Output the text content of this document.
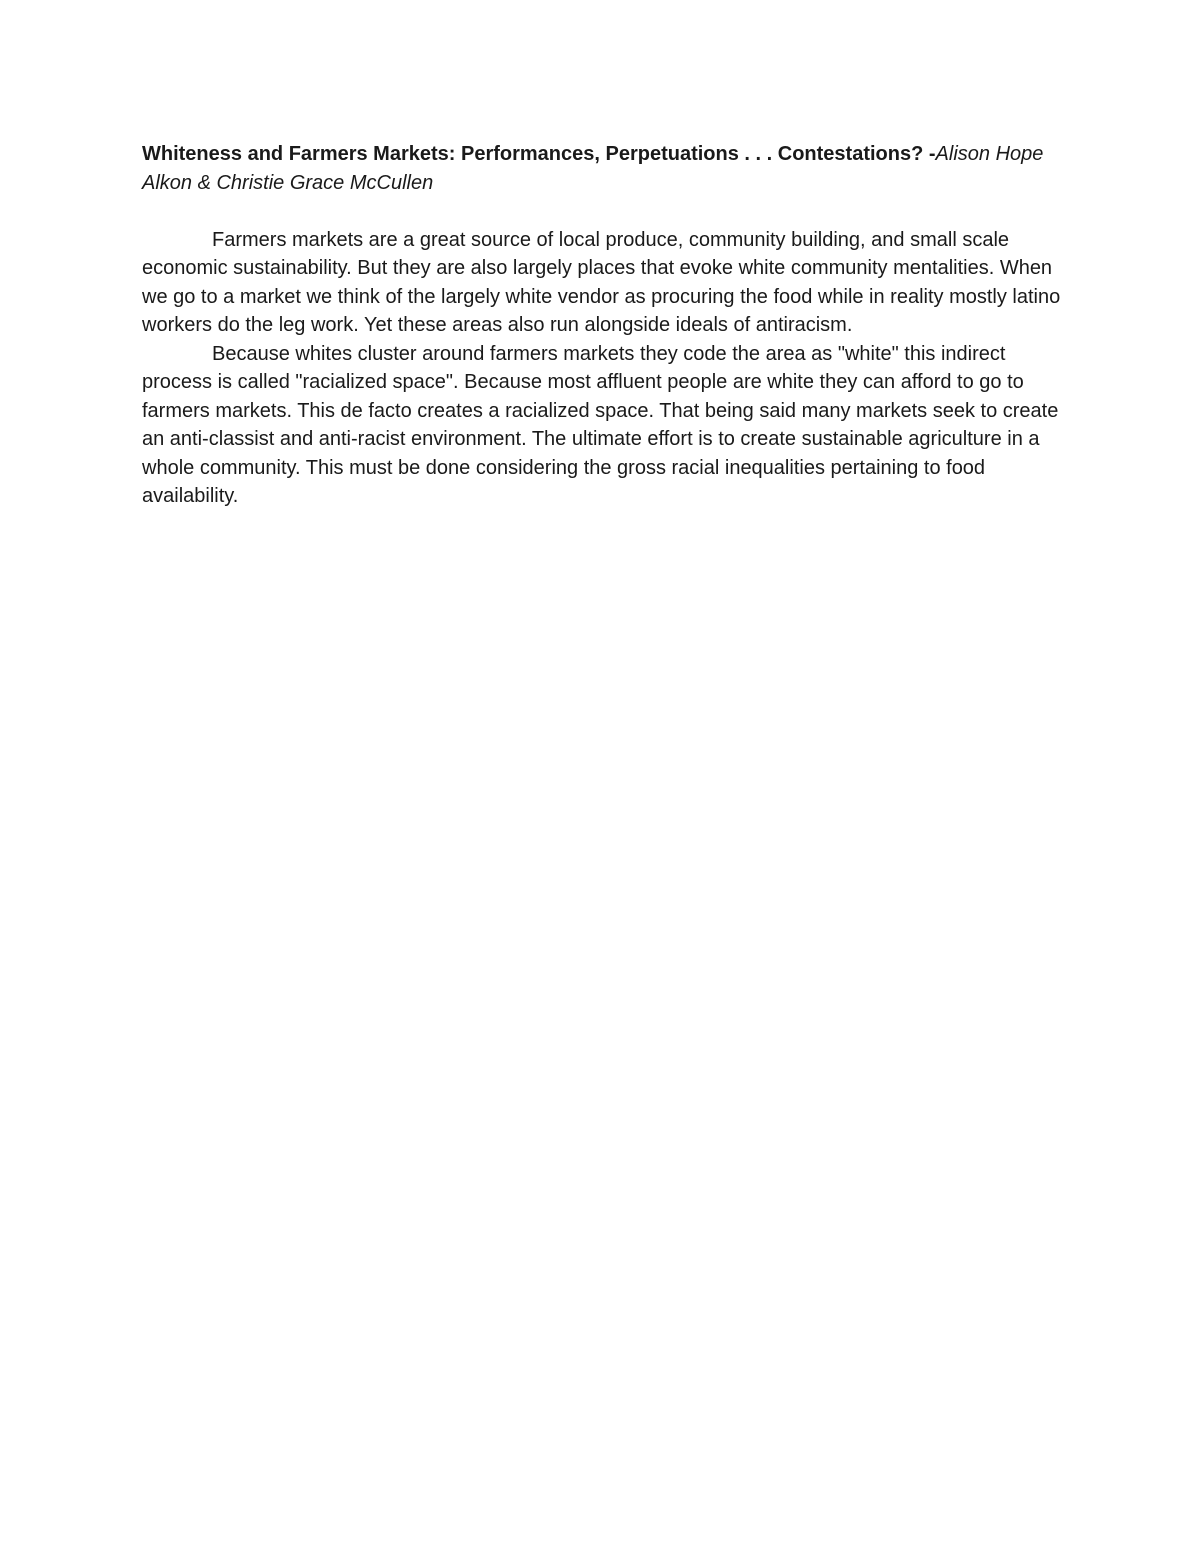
Whiteness and Farmers Markets: Performances, Perpetuations . . . Contestations? -Alison Hope Alkon & Christie Grace McCullen

Farmers markets are a great source of local produce, community building, and small scale economic sustainability. But they are also largely places that evoke white community mentalities. When we go to a market we think of the largely white vendor as procuring the food while in reality mostly latino workers do the leg work. Yet these areas also run alongside ideals of antiracism.

Because whites cluster around farmers markets they code the area as "white" this indirect process is called "racialized space". Because most affluent people are white they can afford to go to farmers markets. This de facto creates a racialized space. That being said many markets seek to create an anti-classist and anti-racist environment. The ultimate effort is to create sustainable agriculture in a whole community. This must be done considering the gross racial inequalities pertaining to food availability.
